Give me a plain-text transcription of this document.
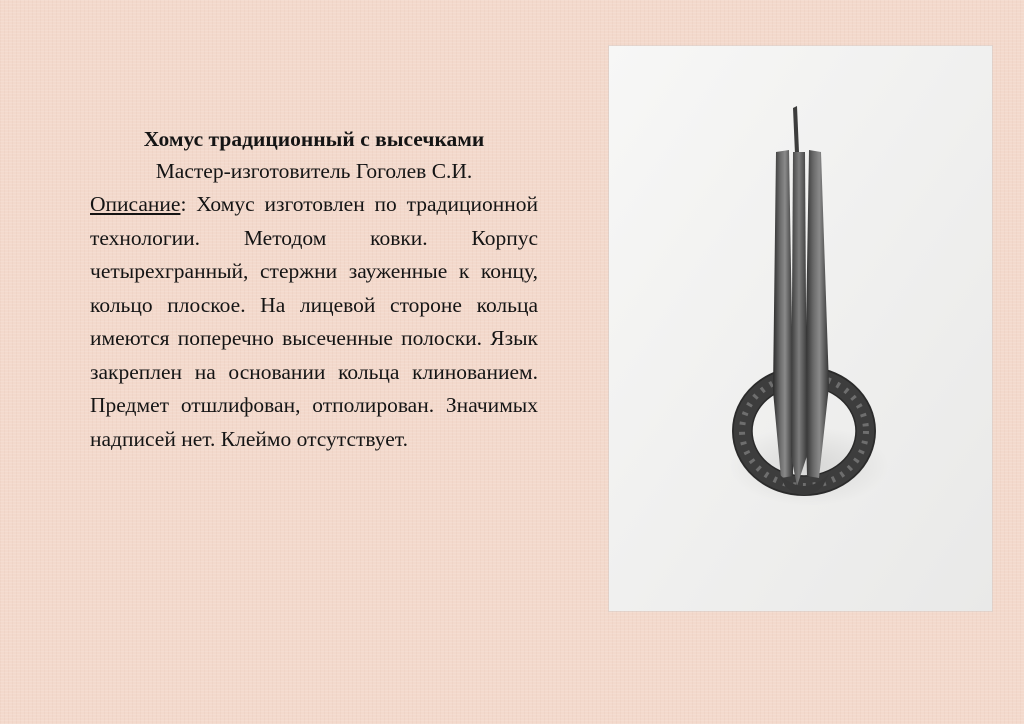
Хомус традиционный с высечками

Мастер-изготовитель Гоголев С.И.

Описание: Хомус изготовлен по традиционной технологии. Методом ковки. Корпус четырехгранный, стержни зауженные к концу, кольцо плоское. На лицевой стороне кольца имеются поперечно высеченные полоски. Язык закреплен на основании кольца клинованием. Предмет отшлифован, отполирован. Значимых надписей нет. Клеймо отсутствует.
